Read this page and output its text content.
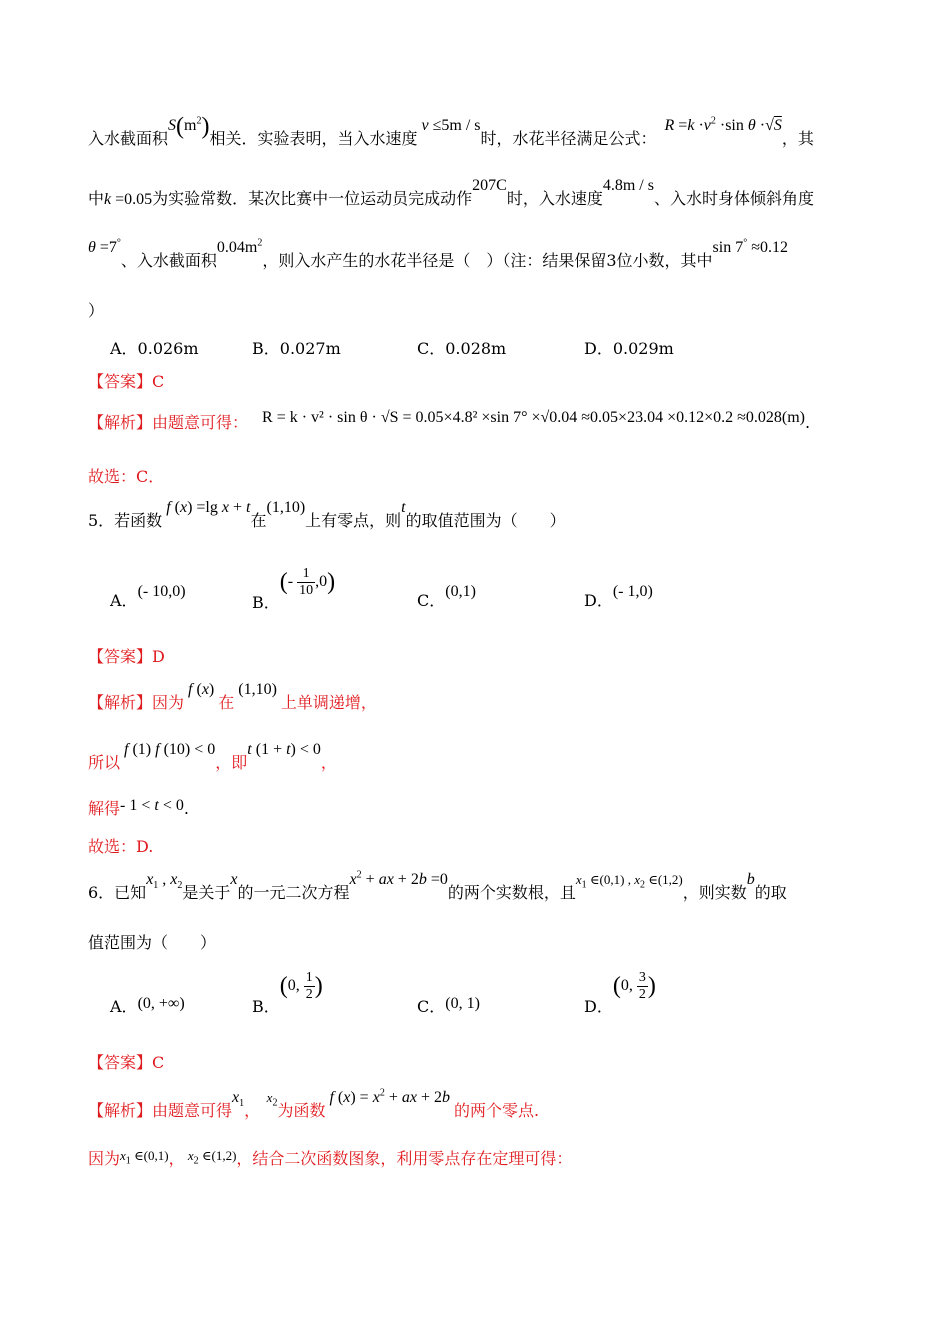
入水截面积$S(m^2)$相关．实验表明，当入水速度 v ≤5m / s时，水花半径满足公式：  $R =k \cdot v^2 \cdot\sin$ θ ·√S，其
中k =0.05为实验常数．某次比赛中一位运动员完成动作207C时，入水速度4.8m / s、入水时身体倾斜角度
θ =7°、入水截面积$0.04m^2$，则入水产生的水花半径是（　）（注：结果保留3位小数，其中sin 7° ≈0.12
）
A．0.026m	B．0.027m	C．0.028m	D．0.029m
【答案】C
【解析】由题意可得： R = k · v² · sin θ · √S = 0.05×4.8² ×sin 7° ×√0.04 ≈0.05×23.04 ×0.12×0.2 ≈0.028(m).
故选：C．
5．若函数 f (x) =lg x + t在(1,10)上有零点，则t的取值范围为（　　）
A．(- 10,0)
B．(- $\frac{1}{10} ,0$)
C．(0,1)	D．(- 1,0)
【答案】D
【解析】因为 f (x) 在 (1,10) 上单调递增，
所以 f (1) f (10) < 0，即t (1 + t) < 0，
解得- 1 < t < 0.
故选：D.
6．已知$x_1$ , $x_2$是关于x的一元二次方程$x^2$ + ax + 2b =0的两个实数根，且$^{x_1 \in(0,1) , x_2 \in(1,2)}$，则实数b的取
值范围为（　　）
A．(0, +∞)	B．(0, $\frac{1}{2}$ )
C．(0, 1)	D．(0, $\frac{3}{2}$ )
【答案】C
【解析】由题意可得$x_1$，  $^{x_2}$为函数 f $(x) = x^2$ + ax + 2b 的两个零点.
因为$^{x_1 \in(0,1)}$， $^{x_2 \in(1,2)}$，结合二次函数图象，利用零点存在定理可得：
